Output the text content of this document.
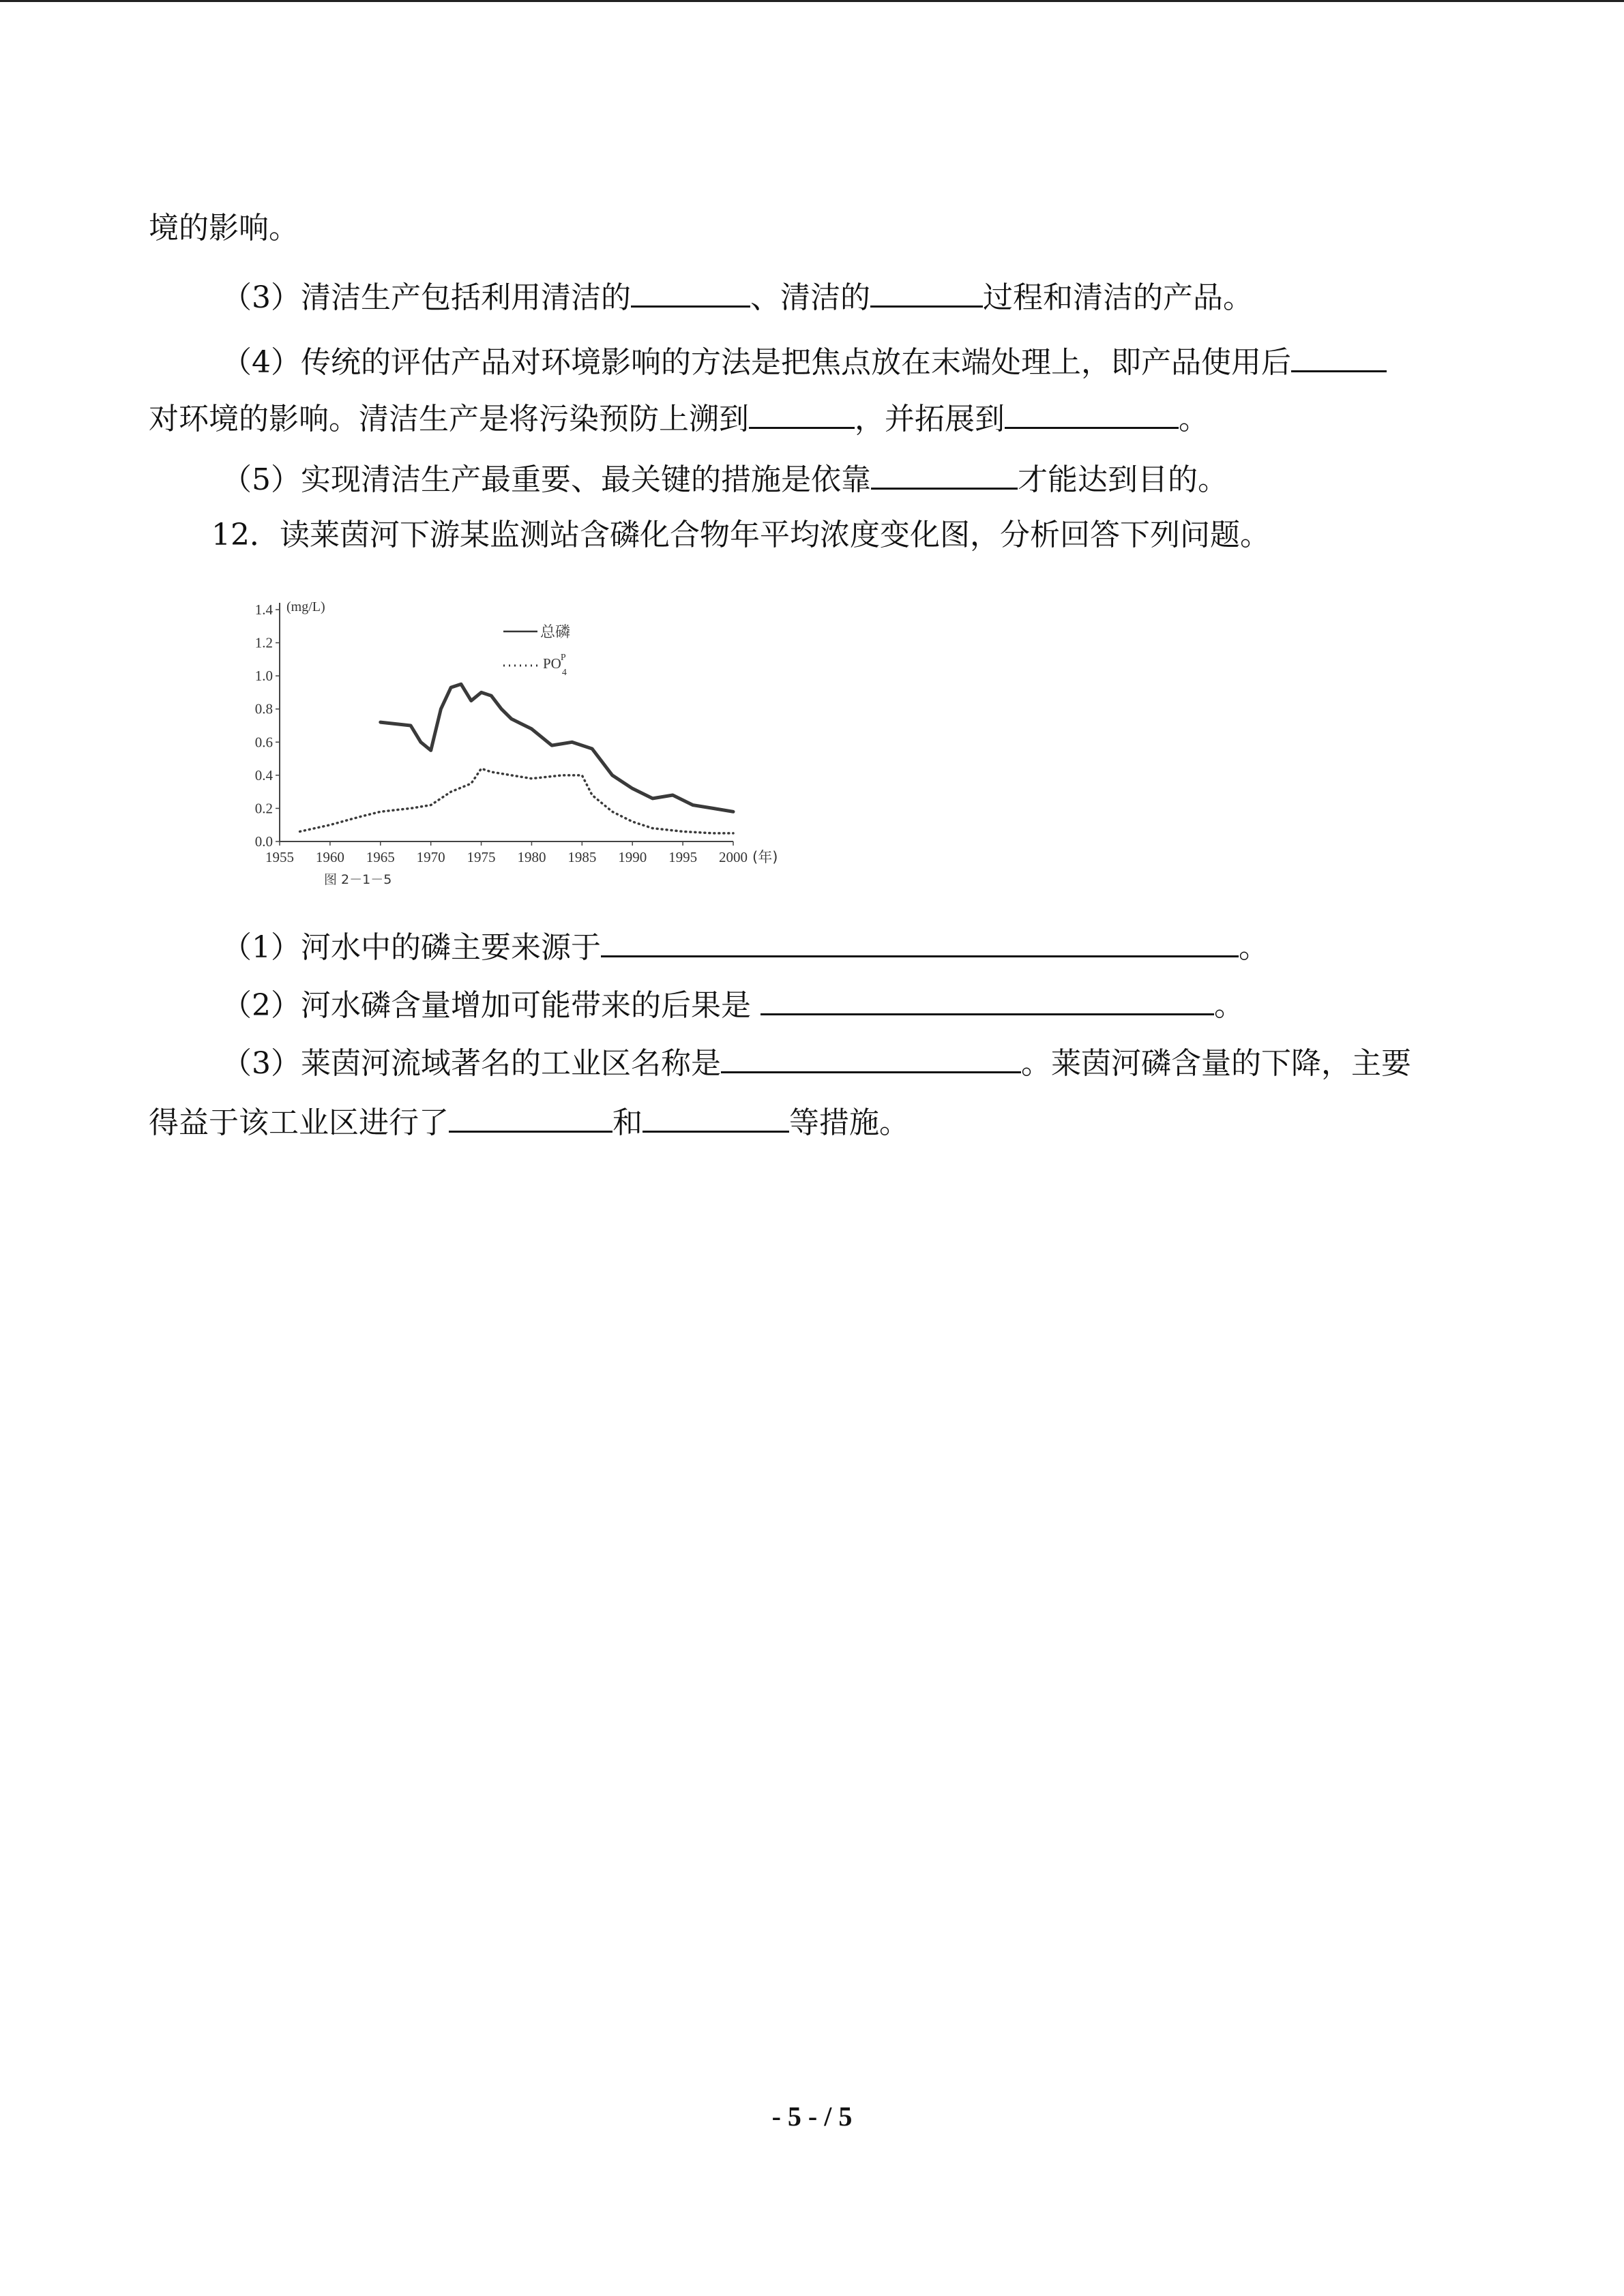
境的影响。
（3）清洁生产包括利用清洁的	、清洁的	过程和清洁的产品。
（4）传统的评估产品对环境影响的方法是把焦点放在末端处理上，即产品使用后
对环境的影响。清洁生产是将污染预防上溯到	，并拓展到	。
（5）实现清洁生产最重要、最关键的措施是依靠	才能达到目的。
12．读莱茵河下游某监测站含磷化合物年平均浓度变化图，分析回答下列问题。
0.0
0.2
0.4
0.6
0.8
1.0
1.2
1.4
1955 1960 1965 1970 1975 1980 1985 1990 1995 2000 (年)
总磷
$PO_4P$
(mg/L)
图 2－1－5
（1）河水中的磷主要来源于	。
（2）河水磷含量增加可能带来的后果是	。
（3）莱茵河流域著名的工业区名称是	。莱茵河磷含量的下降，主要
得益于该工业区进行了	和	等措施。
- 5 - / 5
